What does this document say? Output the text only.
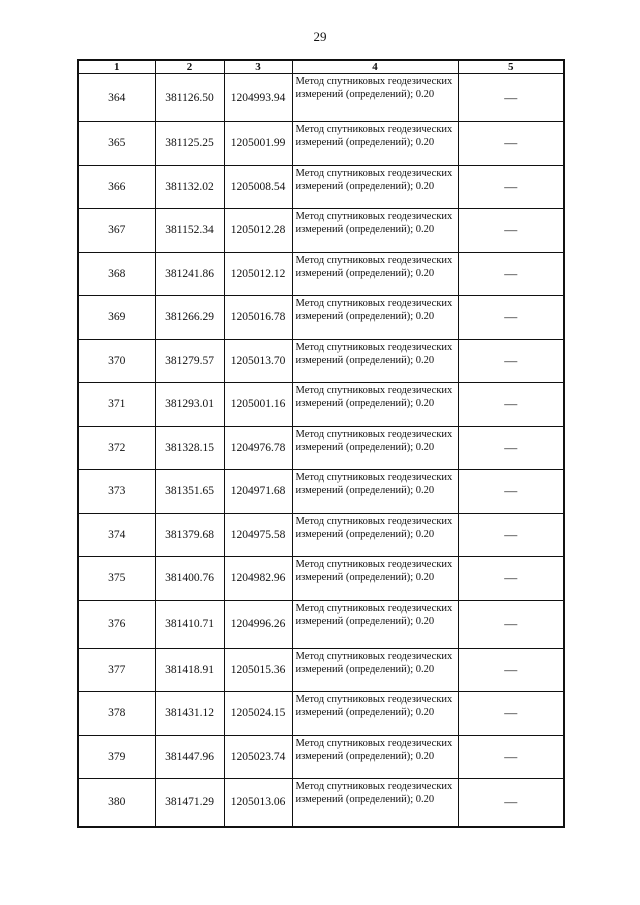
29
1	2	3	4	5
364	381126.50	1204993.94	Метод спутниковых геодезических измерений (определений); 0.20	—
365	381125.25	1205001.99	Метод спутниковых геодезических измерений (определений); 0.20	—
366	381132.02	1205008.54	Метод спутниковых геодезических измерений (определений); 0.20	—
367	381152.34	1205012.28	Метод спутниковых геодезических измерений (определений); 0.20	—
368	381241.86	1205012.12	Метод спутниковых геодезических измерений (определений); 0.20	—
369	381266.29	1205016.78	Метод спутниковых геодезических измерений (определений); 0.20	—
370	381279.57	1205013.70	Метод спутниковых геодезических измерений (определений); 0.20	—
371	381293.01	1205001.16	Метод спутниковых геодезических измерений (определений); 0.20	—
372	381328.15	1204976.78	Метод спутниковых геодезических измерений (определений); 0.20	—
373	381351.65	1204971.68	Метод спутниковых геодезических измерений (определений); 0.20	—
374	381379.68	1204975.58	Метод спутниковых геодезических измерений (определений); 0.20	—
375	381400.76	1204982.96	Метод спутниковых геодезических измерений (определений); 0.20	—
376	381410.71	1204996.26	Метод спутниковых геодезических измерений (определений); 0.20	—
377	381418.91	1205015.36	Метод спутниковых геодезических измерений (определений); 0.20	—
378	381431.12	1205024.15	Метод спутниковых геодезических измерений (определений); 0.20	—
379	381447.96	1205023.74	Метод спутниковых геодезических измерений (определений); 0.20	—
380	381471.29	1205013.06	Метод спутниковых геодезических измерений (определений); 0.20	—
